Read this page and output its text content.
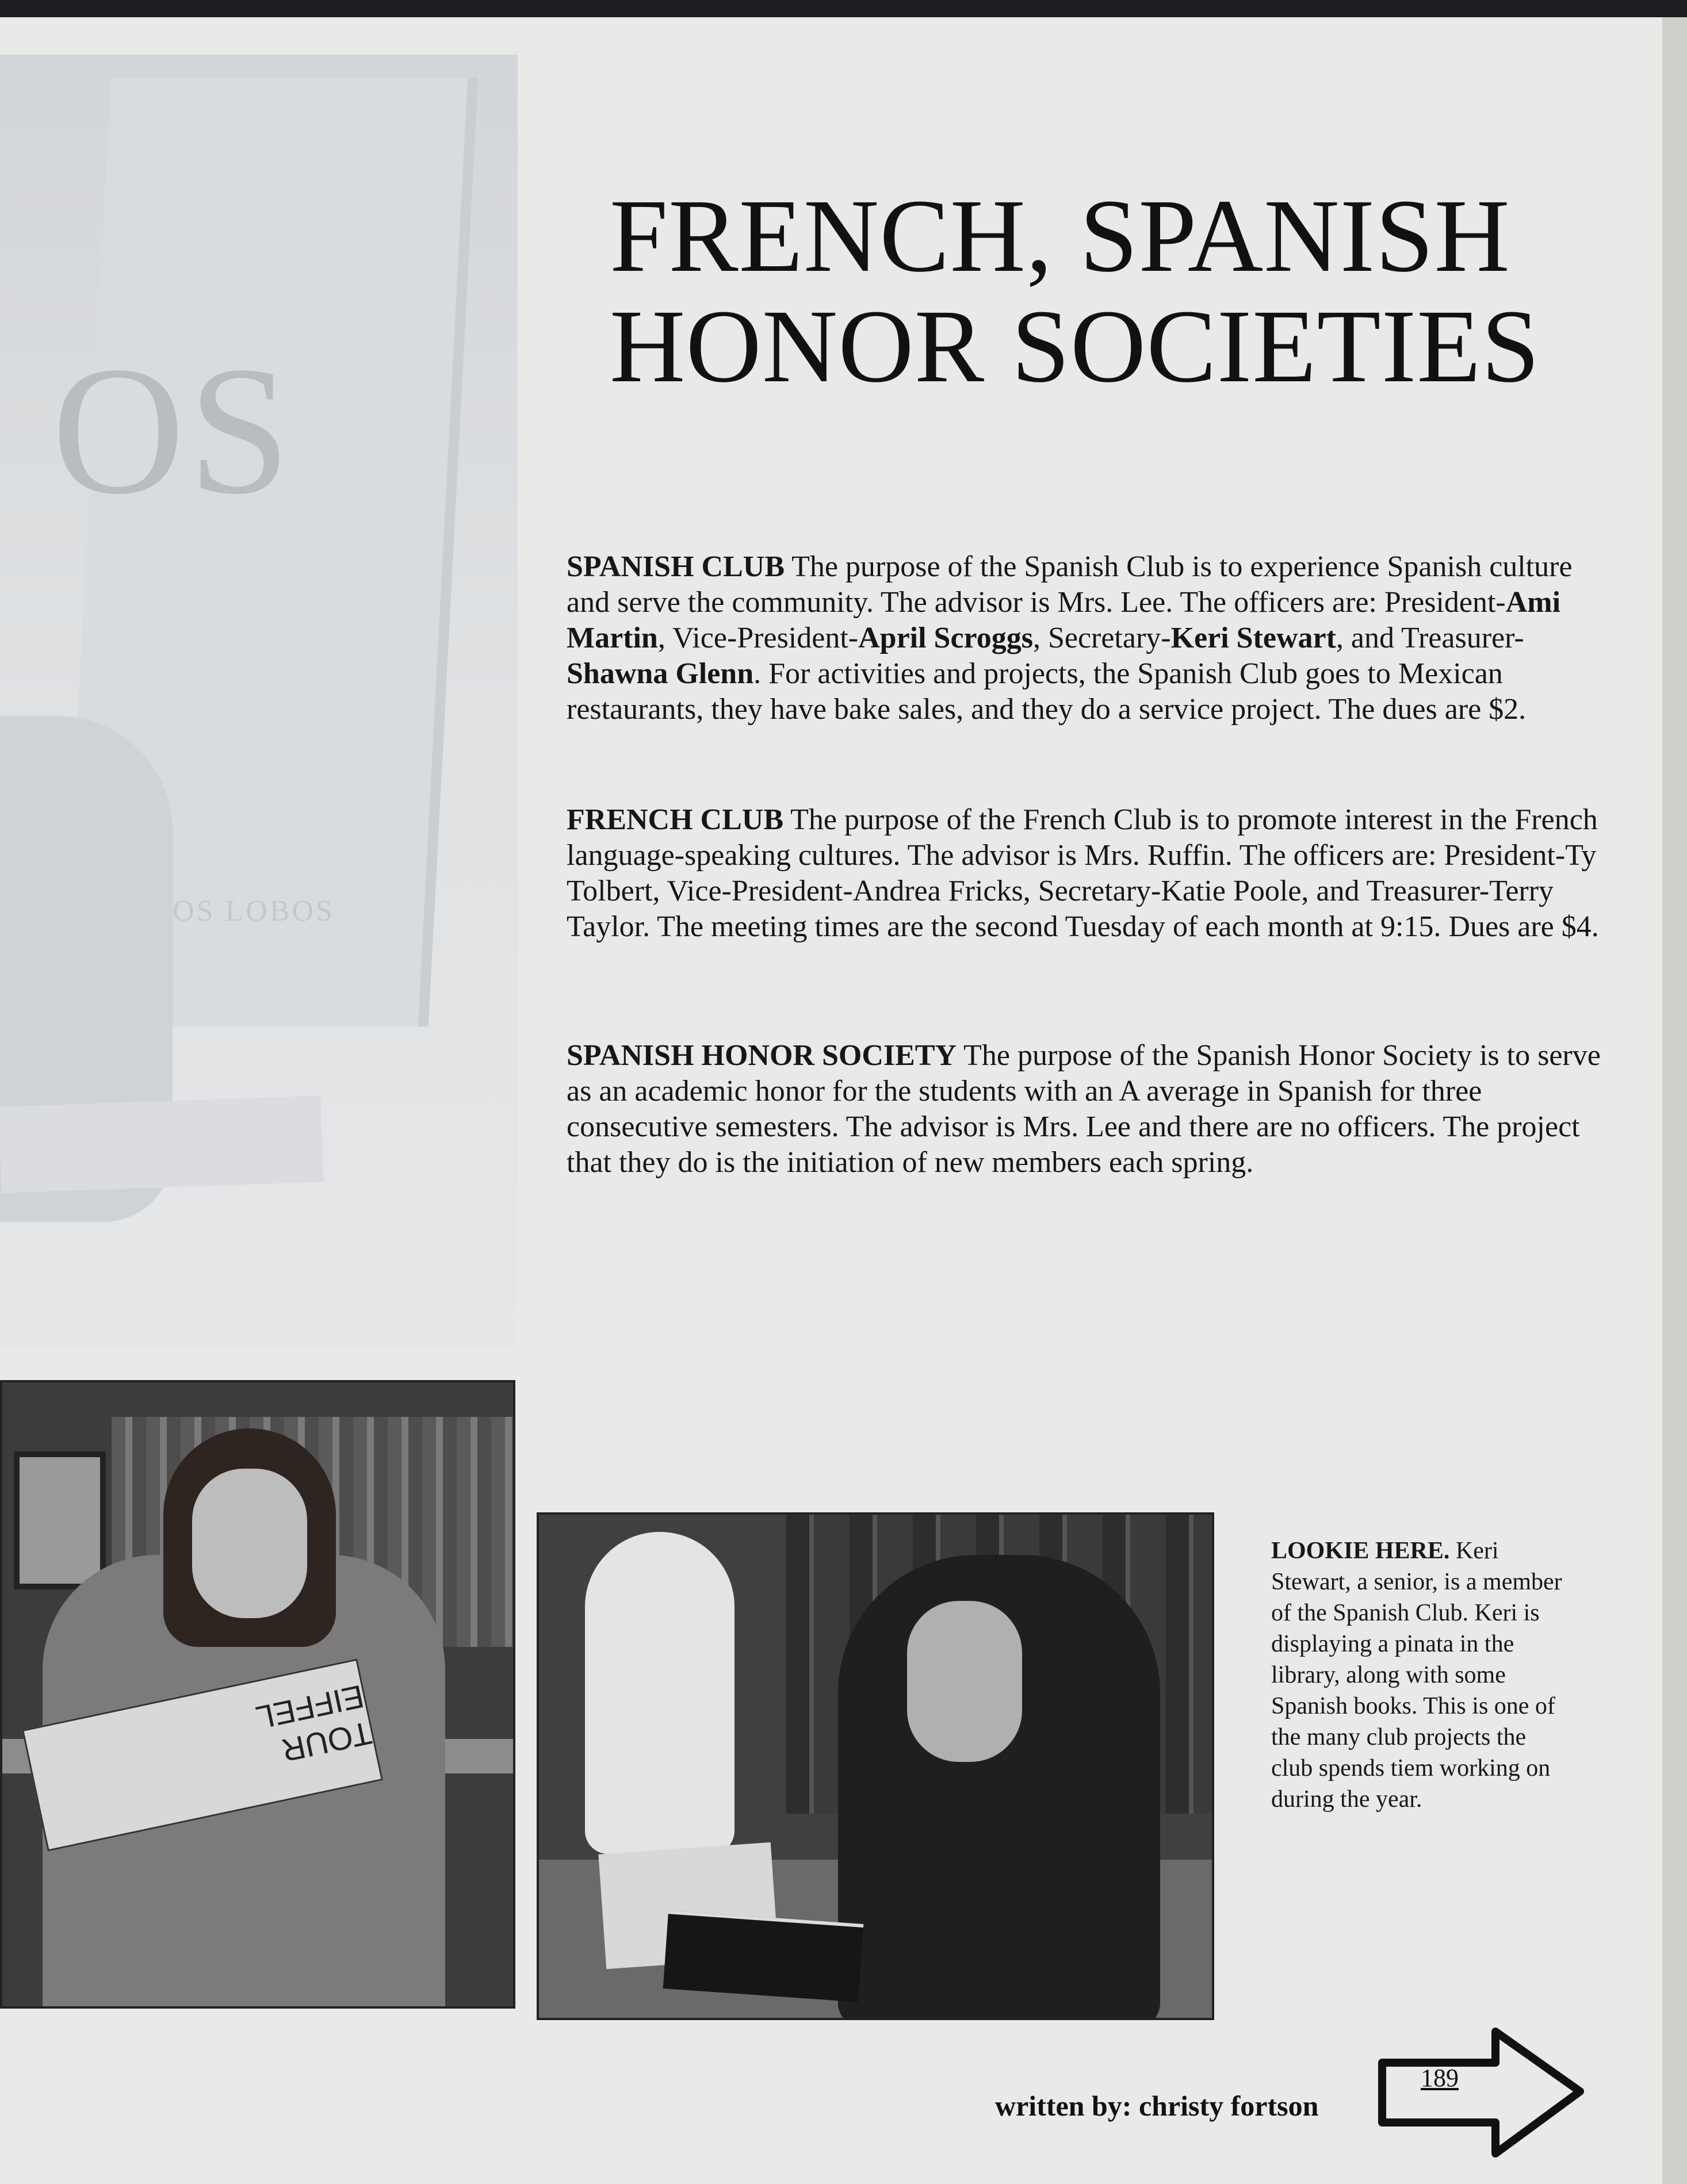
OS
OS LOBOS
FRENCH, SPANISH
HONOR SOCIETIES

SPANISH CLUB The purpose of the Spanish Club is to experience Spanish culture and serve the community. The advisor is Mrs. Lee. The officers are: President-Ami Martin, Vice-President-April Scroggs, Secretary-Keri Stewart, and Treasurer-Shawna Glenn. For activities and projects, the Spanish Club goes to Mexican restaurants, they have bake sales, and they do a service project. The dues are $2.

FRENCH CLUB The purpose of the French Club is to promote interest in the French language-speaking cultures. The advisor is Mrs. Ruffin. The officers are: President-Ty Tolbert, Vice-President-Andrea Fricks, Secretary-Katie Poole, and Treasurer-Terry Taylor. The meeting times are the second Tuesday of each month at 9:15. Dues are $4.

SPANISH HONOR SOCIETY The purpose of the Spanish Honor Society is to serve as an academic honor for the students with an A average in Spanish for three consecutive semesters. The advisor is Mrs. Lee and there are no officers. The project that they do is the initiation of new members each spring.

TOUR EIFFEL

LOOKIE HERE. Keri Stewart, a senior, is a member of the Spanish Club. Keri is displaying a pinata in the library, along with some Spanish books. This is one of the many club projects the club spends tiem working on during the year.

written by: christy fortson

189
